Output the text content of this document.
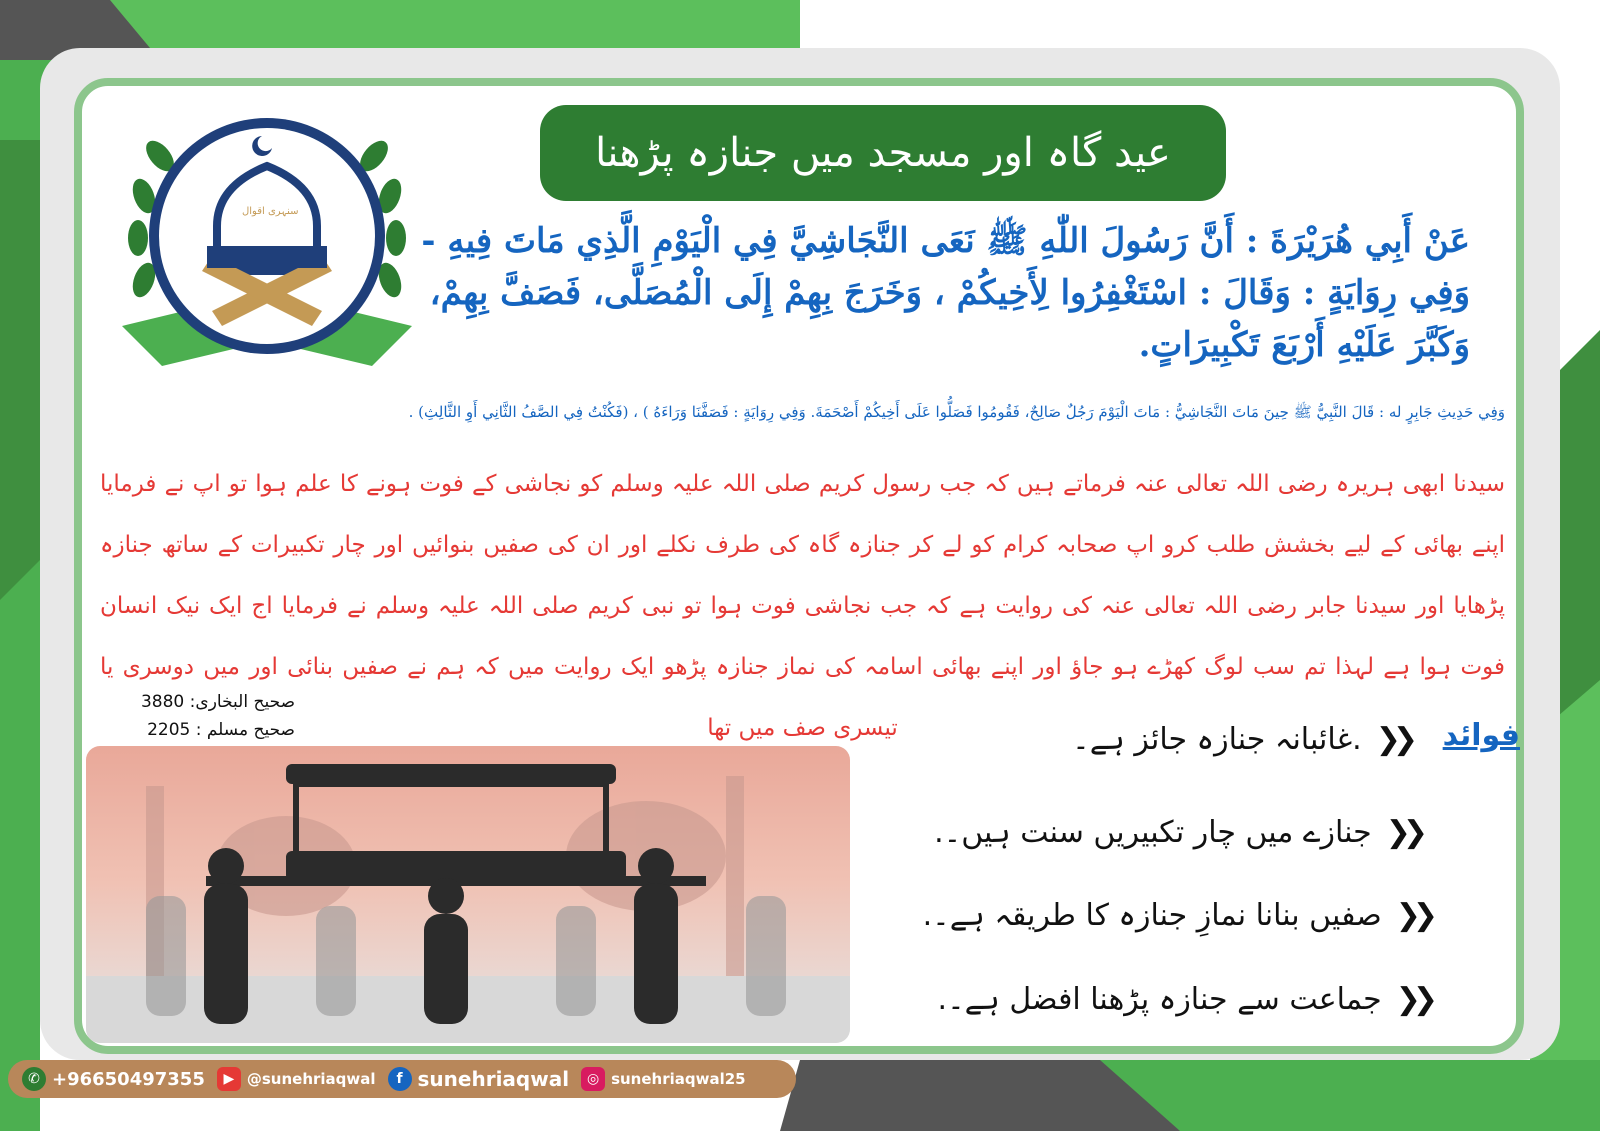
سنہری اقوال
عید گاہ اور مسجد میں جنازہ پڑھنا
عَنْ أَبِي هُرَيْرَةَ : أَنَّ رَسُولَ اللّٰهِ ﷺ نَعَى النَّجَاشِيَّ فِي الْيَوْمِ الَّذِي مَاتَ فِيهِ - وَفِي رِوَايَةٍ : وَقَالَ : اسْتَغْفِرُوا لِأَخِيكُمْ ، وَخَرَجَ بِهِمْ إِلَى الْمُصَلَّى، فَصَفَّ بِهِمْ، وَكَبَّرَ عَلَيْهِ أَرْبَعَ تَكْبِيرَاتٍ.
وَفِي حَدِيثِ جَابِرٍ له : قَالَ النَّبِيُّ ﷺ حِينَ مَاتَ النَّجَاشِيُّ : مَاتَ الْيَوْمَ رَجُلٌ صَالِحٌ، فَقُومُوا فَصَلُّوا عَلَى أَخِيكُمْ أَصْحَمَةَ. وَفِي رِوَايَةٍ : فَصَفَّنَا وَرَاءَهُ ) ، (فَكُنْتُ فِي الصَّفُ الثَّانِي أَوِ الثَّالِثِ) .
سیدنا ابھی ہریرہ رضی اللہ تعالی عنہ فرماتے ہیں کہ جب رسول کریم صلی اللہ علیہ وسلم کو نجاشی کے فوت ہونے کا علم ہوا تو اپ نے فرمایا اپنے بھائی کے لیے بخشش طلب کرو اپ صحابہ کرام کو لے کر جنازہ گاہ کی طرف نکلے اور ان کی صفیں بنوائیں اور چار تکبیرات کے ساتھ جنازہ پڑھایا اور سیدنا جابر رضی اللہ تعالی عنہ کی روایت ہے کہ جب نجاشی فوت ہوا تو نبی کریم صلی اللہ علیہ وسلم نے فرمایا اج ایک نیک انسان فوت ہوا ہے لہذا تم سب لوگ کھڑے ہو جاؤ اور اپنے بھائی اسامہ کی نماز جنازہ پڑھو ایک روایت میں کہ ہم نے صفیں بنائی اور میں دوسری یا تیسری صف میں تھا
صحیح البخاری: 3880
صحیح مسلم : 2205	فوائد
❮❮
.غائبانہ جنازہ جائز ہے۔
❮❮
جنازے میں چار تکبیریں سنت ہیں۔.
❮❮
صفیں بنانا نمازِ جنازہ کا طریقہ ہے۔.
❮❮
جماعت سے جنازہ پڑھنا افضل ہے۔.
✆ +96650497355	▶ @sunehriaqwal	f sunehriaqwal	◎ sunehriaqwal25
